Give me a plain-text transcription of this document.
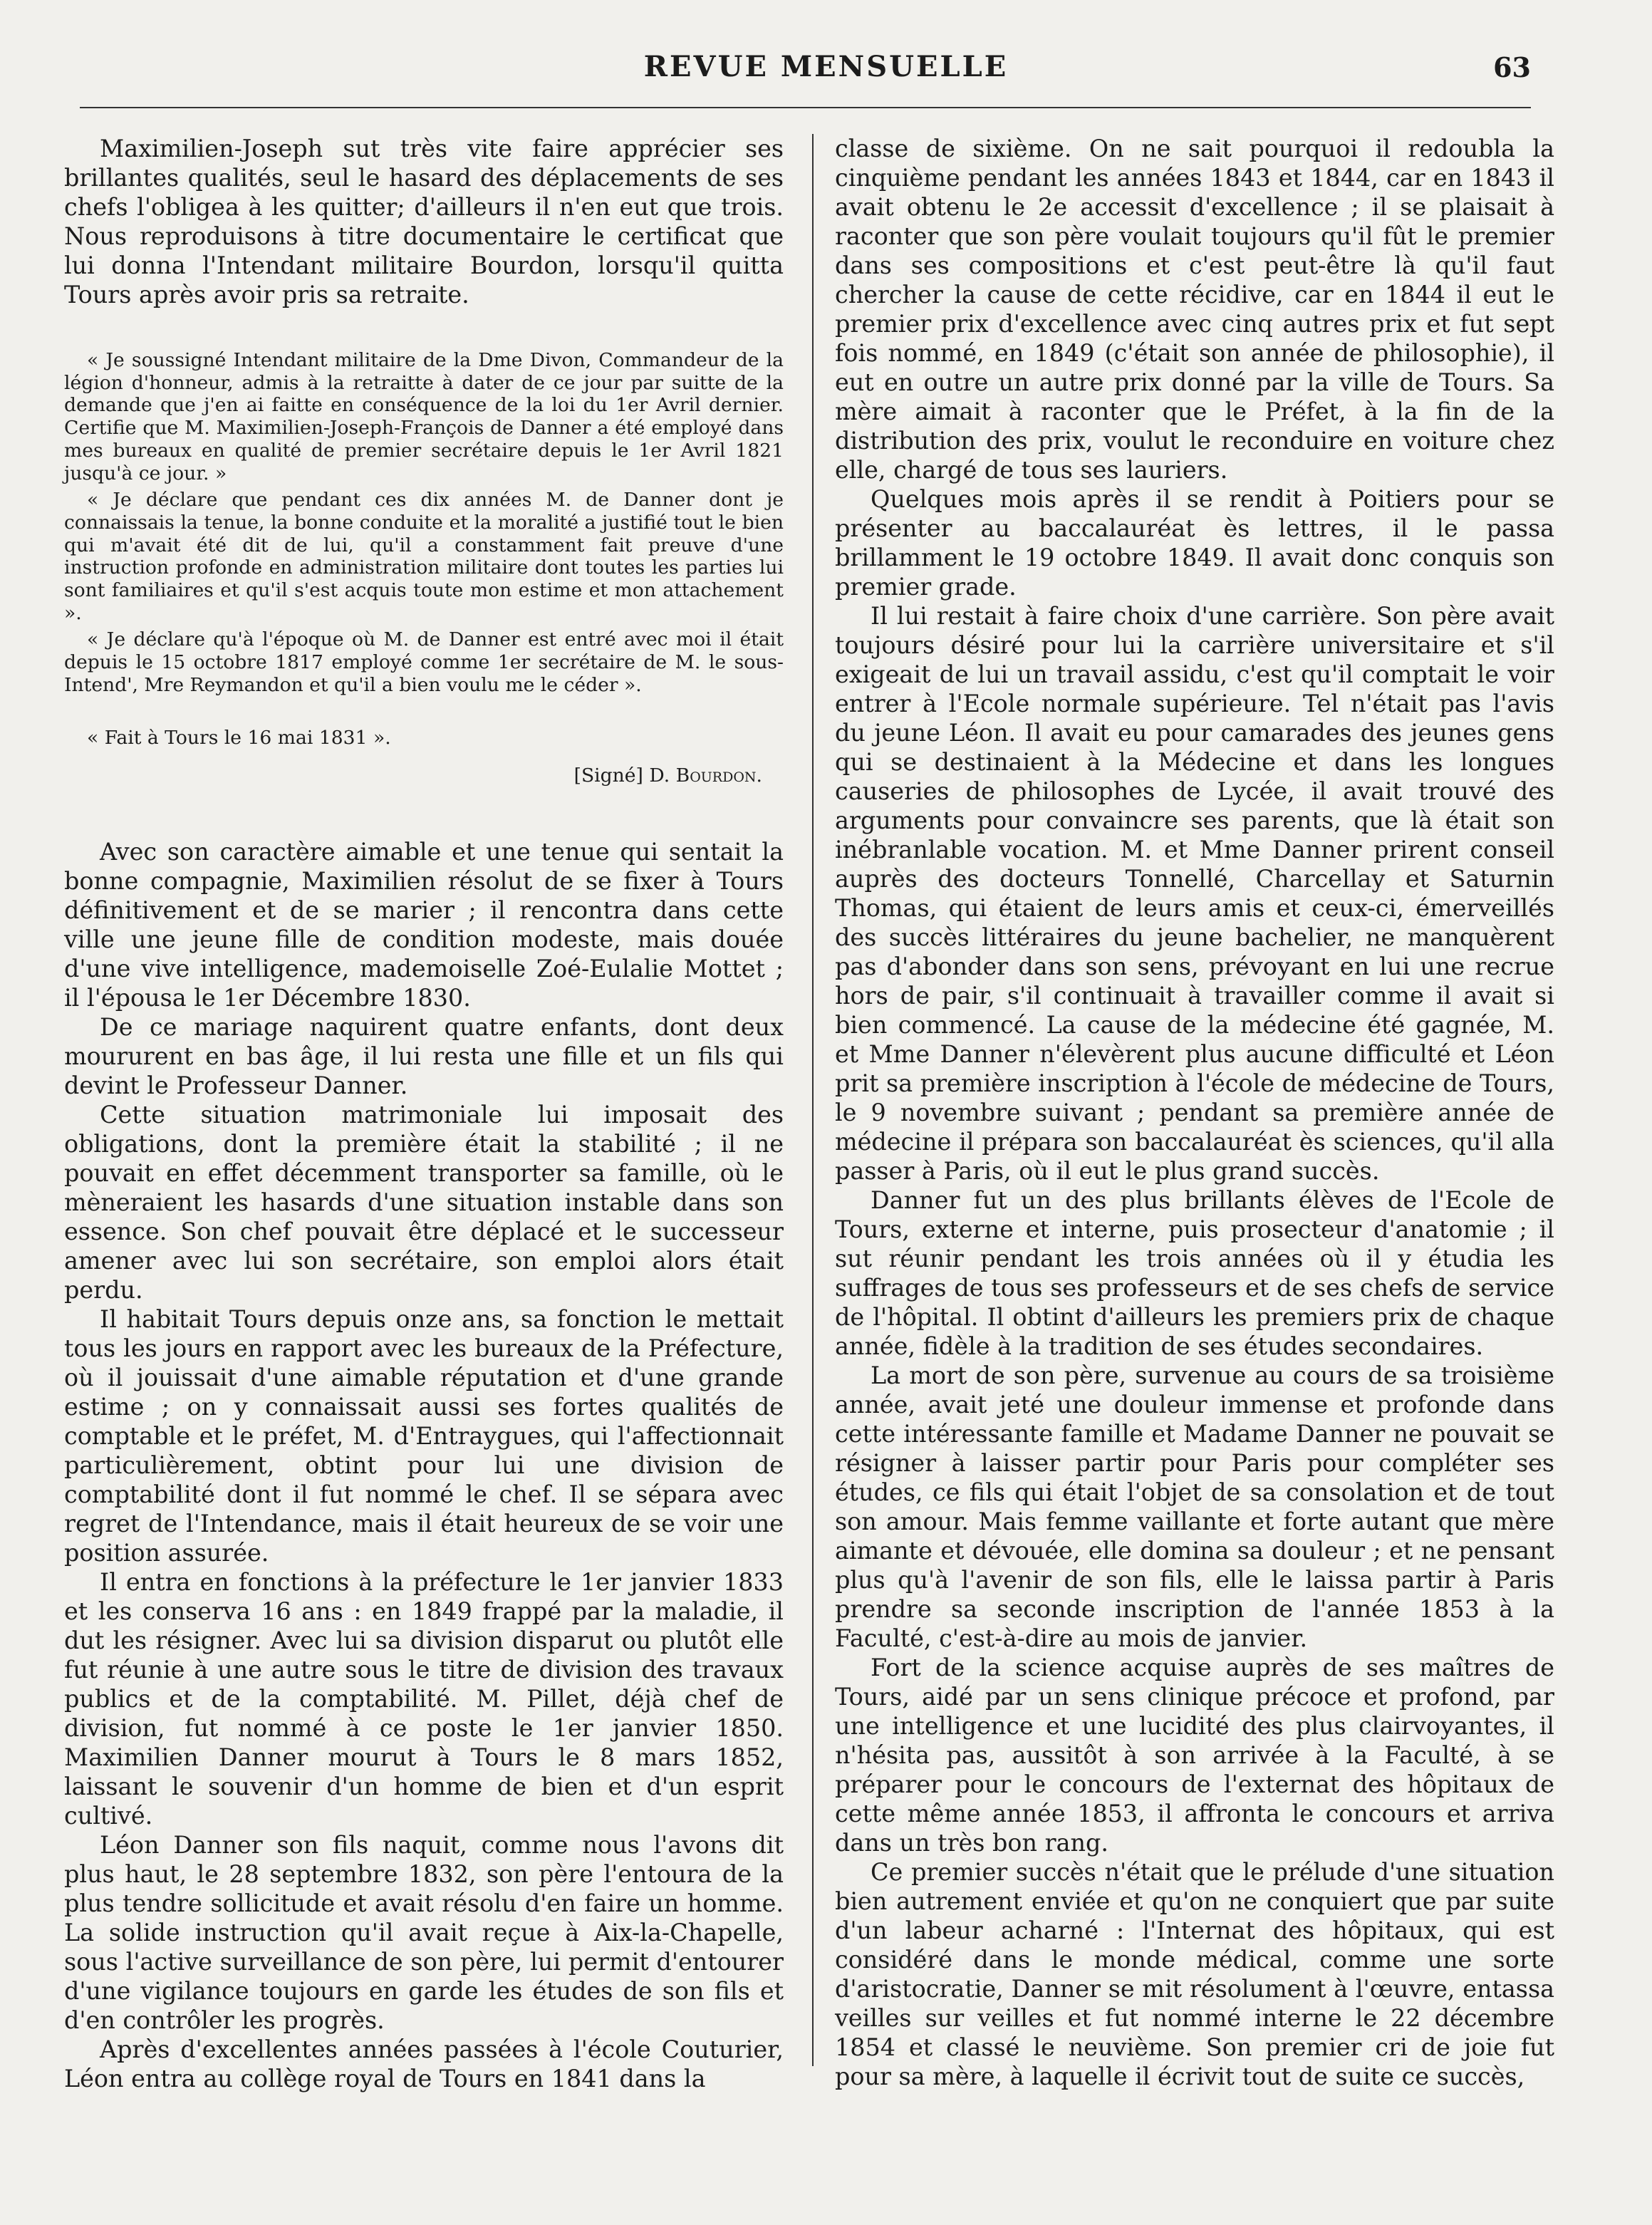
REVUE MENSUELLE	63

Maximilien-Joseph sut très vite faire apprécier ses brillantes qualités, seul le hasard des déplacements de ses chefs l'obligea à les quitter; d'ailleurs il n'en eut que trois. Nous reproduisons à titre documentaire le certificat que lui donna l'Intendant militaire Bourdon, lorsqu'il quitta Tours après avoir pris sa retraite.

« Je soussigné Intendant militaire de la Dme Divon, Commandeur de la légion d'honneur, admis à la retraitte à dater de ce jour par suitte de la demande que j'en ai faitte en conséquence de la loi du 1er Avril dernier. Certifie que M. Maximilien-Joseph-François de Danner a été employé dans mes bureaux en qualité de premier secrétaire depuis le 1er Avril 1821 jusqu'à ce jour. »

« Je déclare que pendant ces dix années M. de Danner dont je connaissais la tenue, la bonne conduite et la moralité a justifié tout le bien qui m'avait été dit de lui, qu'il a constamment fait preuve d'une instruction profonde en administration militaire dont toutes les parties lui sont familiaires et qu'il s'est acquis toute mon estime et mon attachement ».

« Je déclare qu'à l'époque où M. de Danner est entré avec moi il était depuis le 15 octobre 1817 employé comme 1er secrétaire de M. le sous-Intend', Mre Reymandon et qu'il a bien voulu me le céder ».

« Fait à Tours le 16 mai 1831 ».

[Signé] D. Bourdon.

Avec son caractère aimable et une tenue qui sentait la bonne compagnie, Maximilien résolut de se fixer à Tours définitivement et de se marier ; il rencontra dans cette ville une jeune fille de condition modeste, mais douée d'une vive intelligence, mademoiselle Zoé-Eulalie Mottet ; il l'épousa le 1er Décembre 1830.

De ce mariage naquirent quatre enfants, dont deux moururent en bas âge, il lui resta une fille et un fils qui devint le Professeur Danner.

Cette situation matrimoniale lui imposait des obligations, dont la première était la stabilité ; il ne pouvait en effet décemment transporter sa famille, où le mèneraient les hasards d'une situation instable dans son essence. Son chef pouvait être déplacé et le successeur amener avec lui son secrétaire, son emploi alors était perdu.

Il habitait Tours depuis onze ans, sa fonction le mettait tous les jours en rapport avec les bureaux de la Préfecture, où il jouissait d'une aimable réputation et d'une grande estime ; on y connaissait aussi ses fortes qualités de comptable et le préfet, M. d'Entraygues, qui l'affectionnait particulièrement, obtint pour lui une division de comptabilité dont il fut nommé le chef. Il se sépara avec regret de l'Intendance, mais il était heureux de se voir une position assurée.

Il entra en fonctions à la préfecture le 1er janvier 1833 et les conserva 16 ans : en 1849 frappé par la maladie, il dut les résigner. Avec lui sa division disparut ou plutôt elle fut réunie à une autre sous le titre de division des travaux publics et de la comptabilité. M. Pillet, déjà chef de division, fut nommé à ce poste le 1er janvier 1850. Maximilien Danner mourut à Tours le 8 mars 1852, laissant le souvenir d'un homme de bien et d'un esprit cultivé.

Léon Danner son fils naquit, comme nous l'avons dit plus haut, le 28 septembre 1832, son père l'entoura de la plus tendre sollicitude et avait résolu d'en faire un homme. La solide instruction qu'il avait reçue à Aix-la-Chapelle, sous l'active surveillance de son père, lui permit d'entourer d'une vigilance toujours en garde les études de son fils et d'en contrôler les progrès.

Après d'excellentes années passées à l'école Couturier, Léon entra au collège royal de Tours en 1841 dans la

classe de sixième. On ne sait pourquoi il redoubla la cinquième pendant les années 1843 et 1844, car en 1843 il avait obtenu le 2e accessit d'excellence ; il se plaisait à raconter que son père voulait toujours qu'il fût le premier dans ses compositions et c'est peut-être là qu'il faut chercher la cause de cette récidive, car en 1844 il eut le premier prix d'excellence avec cinq autres prix et fut sept fois nommé, en 1849 (c'était son année de philosophie), il eut en outre un autre prix donné par la ville de Tours. Sa mère aimait à raconter que le Préfet, à la fin de la distribution des prix, voulut le reconduire en voiture chez elle, chargé de tous ses lauriers.

Quelques mois après il se rendit à Poitiers pour se présenter au baccalauréat ès lettres, il le passa brillamment le 19 octobre 1849. Il avait donc conquis son premier grade.

Il lui restait à faire choix d'une carrière. Son père avait toujours désiré pour lui la carrière universitaire et s'il exigeait de lui un travail assidu, c'est qu'il comptait le voir entrer à l'Ecole normale supérieure. Tel n'était pas l'avis du jeune Léon. Il avait eu pour camarades des jeunes gens qui se destinaient à la Médecine et dans les longues causeries de philosophes de Lycée, il avait trouvé des arguments pour convaincre ses parents, que là était son inébranlable vocation. M. et Mme Danner prirent conseil auprès des docteurs Tonnellé, Charcellay et Saturnin Thomas, qui étaient de leurs amis et ceux-ci, émerveillés des succès littéraires du jeune bachelier, ne manquèrent pas d'abonder dans son sens, prévoyant en lui une recrue hors de pair, s'il continuait à travailler comme il avait si bien commencé. La cause de la médecine été gagnée, M. et Mme Danner n'élevèrent plus aucune difficulté et Léon prit sa première inscription à l'école de médecine de Tours, le 9 novembre suivant ; pendant sa première année de médecine il prépara son baccalauréat ès sciences, qu'il alla passer à Paris, où il eut le plus grand succès.

Danner fut un des plus brillants élèves de l'Ecole de Tours, externe et interne, puis prosecteur d'anatomie ; il sut réunir pendant les trois années où il y étudia les suffrages de tous ses professeurs et de ses chefs de service de l'hôpital. Il obtint d'ailleurs les premiers prix de chaque année, fidèle à la tradition de ses études secondaires.

La mort de son père, survenue au cours de sa troisième année, avait jeté une douleur immense et profonde dans cette intéressante famille et Madame Danner ne pouvait se résigner à laisser partir pour Paris pour compléter ses études, ce fils qui était l'objet de sa consolation et de tout son amour. Mais femme vaillante et forte autant que mère aimante et dévouée, elle domina sa douleur ; et ne pensant plus qu'à l'avenir de son fils, elle le laissa partir à Paris prendre sa seconde inscription de l'année 1853 à la Faculté, c'est-à-dire au mois de janvier.

Fort de la science acquise auprès de ses maîtres de Tours, aidé par un sens clinique précoce et profond, par une intelligence et une lucidité des plus clairvoyantes, il n'hésita pas, aussitôt à son arrivée à la Faculté, à se préparer pour le concours de l'externat des hôpitaux de cette même année 1853, il affronta le concours et arriva dans un très bon rang.

Ce premier succès n'était que le prélude d'une situation bien autrement enviée et qu'on ne conquiert que par suite d'un labeur acharné : l'Internat des hôpitaux, qui est considéré dans le monde médical, comme une sorte d'aristocratie, Danner se mit résolument à l'œuvre, entassa veilles sur veilles et fut nommé interne le 22 décembre 1854 et classé le neuvième. Son premier cri de joie fut pour sa mère, à laquelle il écrivit tout de suite ce succès,
